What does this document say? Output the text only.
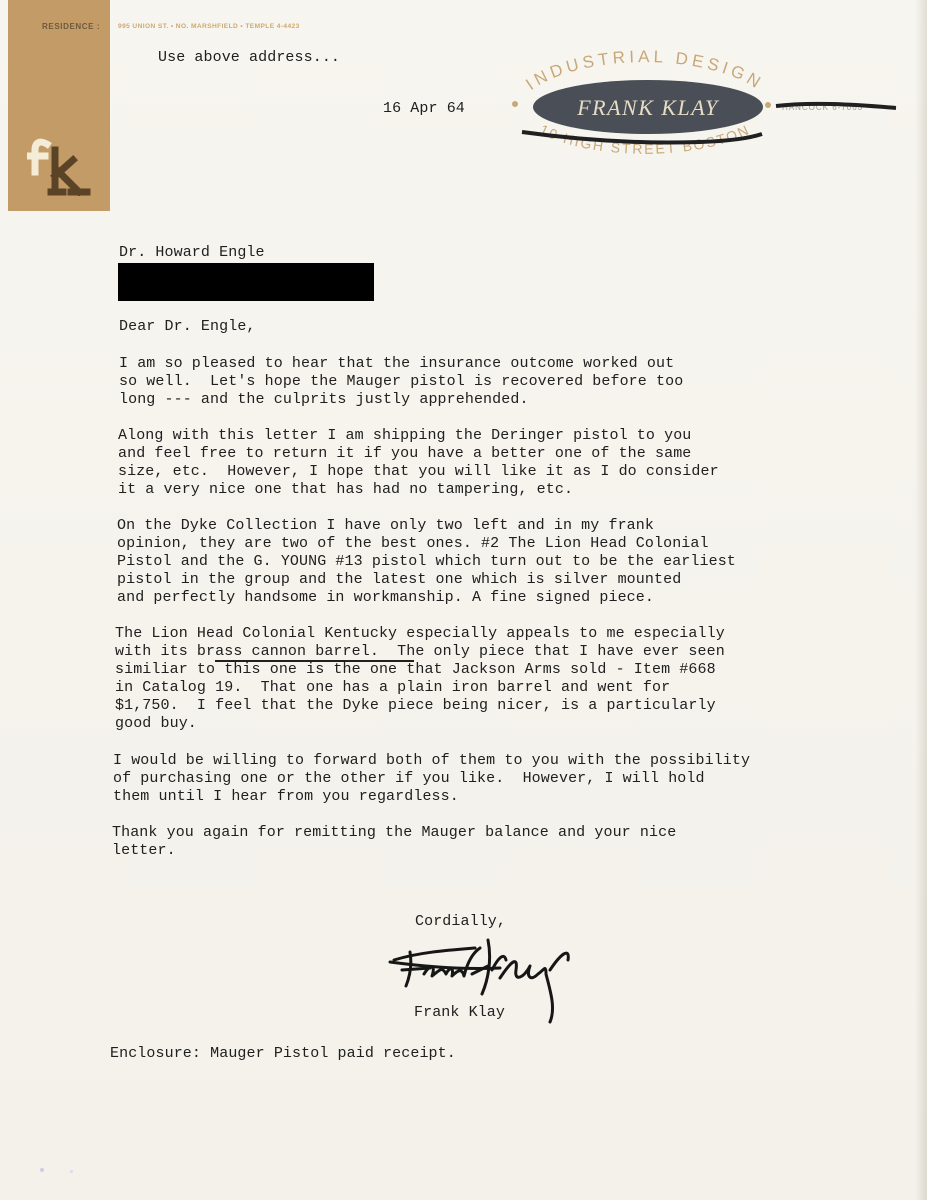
RESIDENCE :	995 UNION ST. • NO. MARSHFIELD • TEMPLE 4-4423
INDUSTRIAL DESIGN
FRANK KLAY
10 HIGH STREET BOSTON
HANCOCK 6-7063
Use above address...
16 Apr 64
Dr. Howard Engle
Dear Dr. Engle,
I am so pleased to hear that the insurance outcome worked out
so well.  Let's hope the Mauger pistol is recovered before too
long --- and the culprits justly apprehended.
Along with this letter I am shipping the Deringer pistol to you
and feel free to return it if you have a better one of the same
size, etc.  However, I hope that you will like it as I do consider
it a very nice one that has had no tampering, etc.
On the Dyke Collection I have only two left and in my frank
opinion, they are two of the best ones. #2 The Lion Head Colonial
Pistol and the G. YOUNG #13 pistol which turn out to be the earliest
pistol in the group and the latest one which is silver mounted
and perfectly handsome in workmanship. A fine signed piece.
The Lion Head Colonial Kentucky especially appeals to me especially
with its brass cannon barrel.  The only piece that I have ever seen
similiar to this one is the one that Jackson Arms sold - Item #668
in Catalog 19.  That one has a plain iron barrel and went for
$1,750.  I feel that the Dyke piece being nicer, is a particularly
good buy.
I would be willing to forward both of them to you with the possibility
of purchasing one or the other if you like.  However, I will hold
them until I hear from you regardless.
Thank you again for remitting the Mauger balance and your nice
letter.
Cordially,
Frank Klay
Enclosure: Mauger Pistol paid receipt.
